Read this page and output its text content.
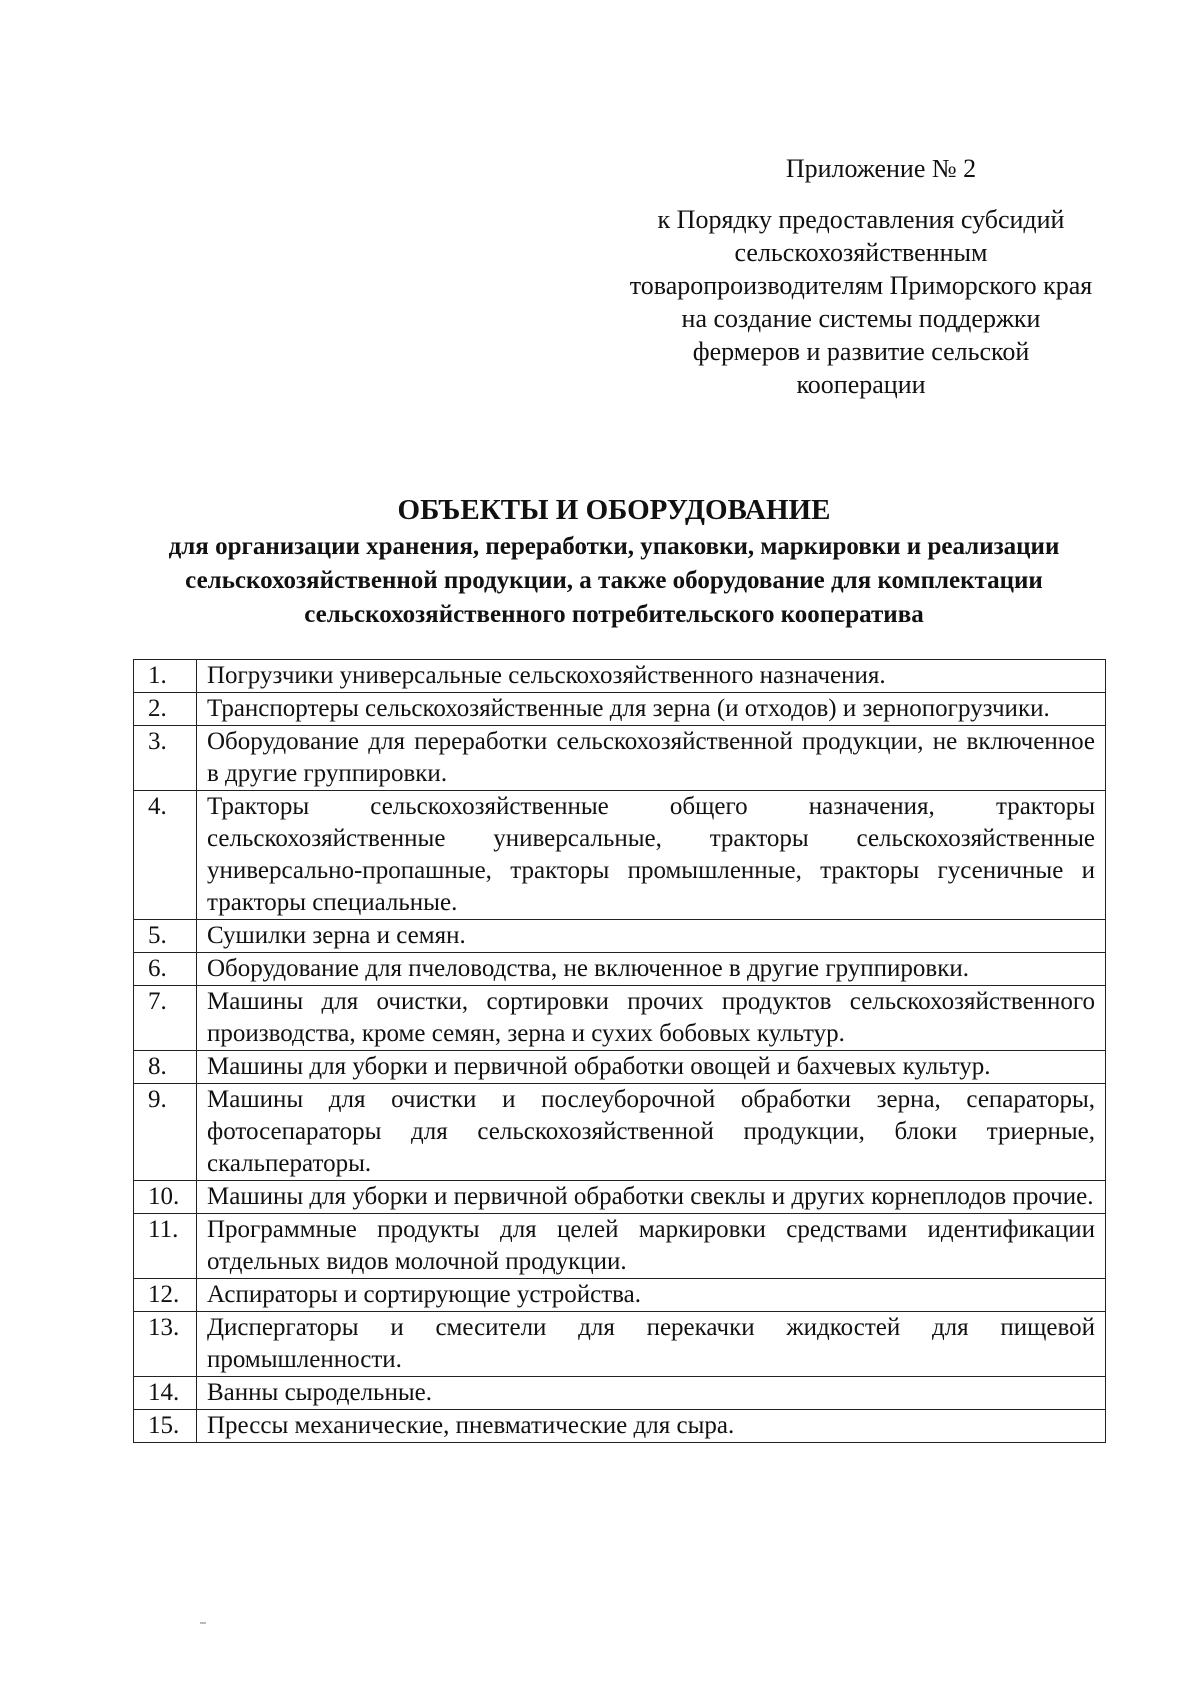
Приложение № 2

к Порядку предоставления субсидий сельскохозяйственным товаропроизводителям Приморского края на создание системы поддержки фермеров и развитие сельской кооперации

ОБЪЕКТЫ И ОБОРУДОВАНИЕ

для организации хранения, переработки, упаковки, маркировки и реализации сельскохозяйственной продукции, а также оборудование для комплектации сельскохозяйственного потребительского кооператива

1.	Погрузчики универсальные сельскохозяйственного назначения.
2.	Транспортеры сельскохозяйственные для зерна (и отходов) и зернопогрузчики.
3.	Оборудование для переработки сельскохозяйственной продукции, не включенное в другие группировки.
4.	Тракторы сельскохозяйственные общего назначения, тракторы сельскохозяйственные универсальные, тракторы сельскохозяйственные универсально-пропашные, тракторы промышленные, тракторы гусеничные и тракторы специальные.
5.	Сушилки зерна и семян.
6.	Оборудование для пчеловодства, не включенное в другие группировки.
7.	Машины для очистки, сортировки прочих продуктов сельскохозяйственного производства, кроме семян, зерна и сухих бобовых культур.
8.	Машины для уборки и первичной обработки овощей и бахчевых культур.
9.	Машины для очистки и послеуборочной обработки зерна, сепараторы, фотосепараторы для сельскохозяйственной продукции, блоки триерные, скальператоры.
10.	Машины для уборки и первичной обработки свеклы и других корнеплодов прочие.
11.	Программные продукты для целей маркировки средствами идентификации отдельных видов молочной продукции.
12.	Аспираторы и сортирующие устройства.
13.	Диспергаторы и смесители для перекачки жидкостей для пищевой промышленности.
14.	Ванны сыродельные.
15.	Прессы механические, пневматические для сыра.
